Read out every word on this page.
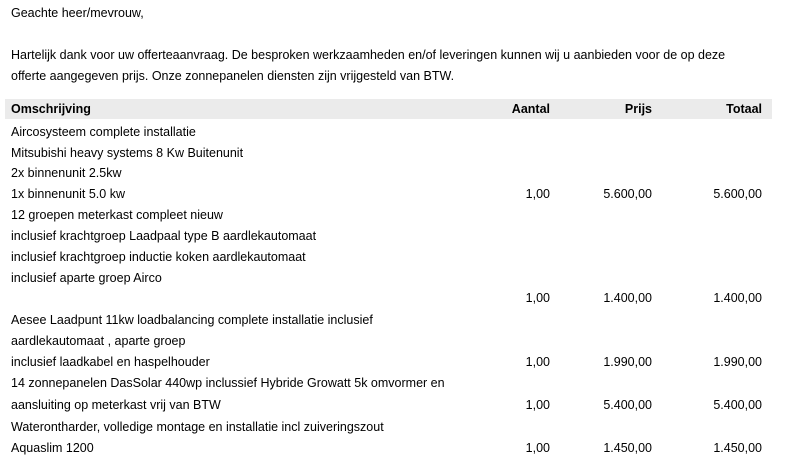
Geachte heer/mevrouw,
Hartelijk dank voor uw offerteaanvraag. De besproken werkzaamheden en/of leveringen kunnen wij u aanbieden voor de op deze
offerte aangegeven prijs. Onze zonnepanelen diensten zijn vrijgesteld van BTW.
Omschrijving	Aantal	Prijs	Totaal
Aircosysteem complete installatie
Mitsubishi heavy systems 8 Kw Buitenunit
2x binnenunit 2.5kw
1x binnenunit 5.0 kw	1,00	5.600,00	5.600,00
12 groepen meterkast compleet nieuw
inclusief krachtgroep Laadpaal type B aardlekautomaat
inclusief krachtgroep inductie koken aardlekautomaat
inclusief aparte groep Airco
1,00	1.400,00	1.400,00
Aesee Laadpunt 11kw loadbalancing complete installatie inclusief
aardlekautomaat , aparte groep
inclusief laadkabel en haspelhouder	1,00	1.990,00	1.990,00
14 zonnepanelen DasSolar 440wp inclussief Hybride Growatt 5k omvormer en
aansluiting op meterkast vrij van BTW	1,00	5.400,00	5.400,00
Waterontharder, volledige montage en installatie incl zuiveringszout
Aquaslim 1200	1,00	1.450,00	1.450,00
